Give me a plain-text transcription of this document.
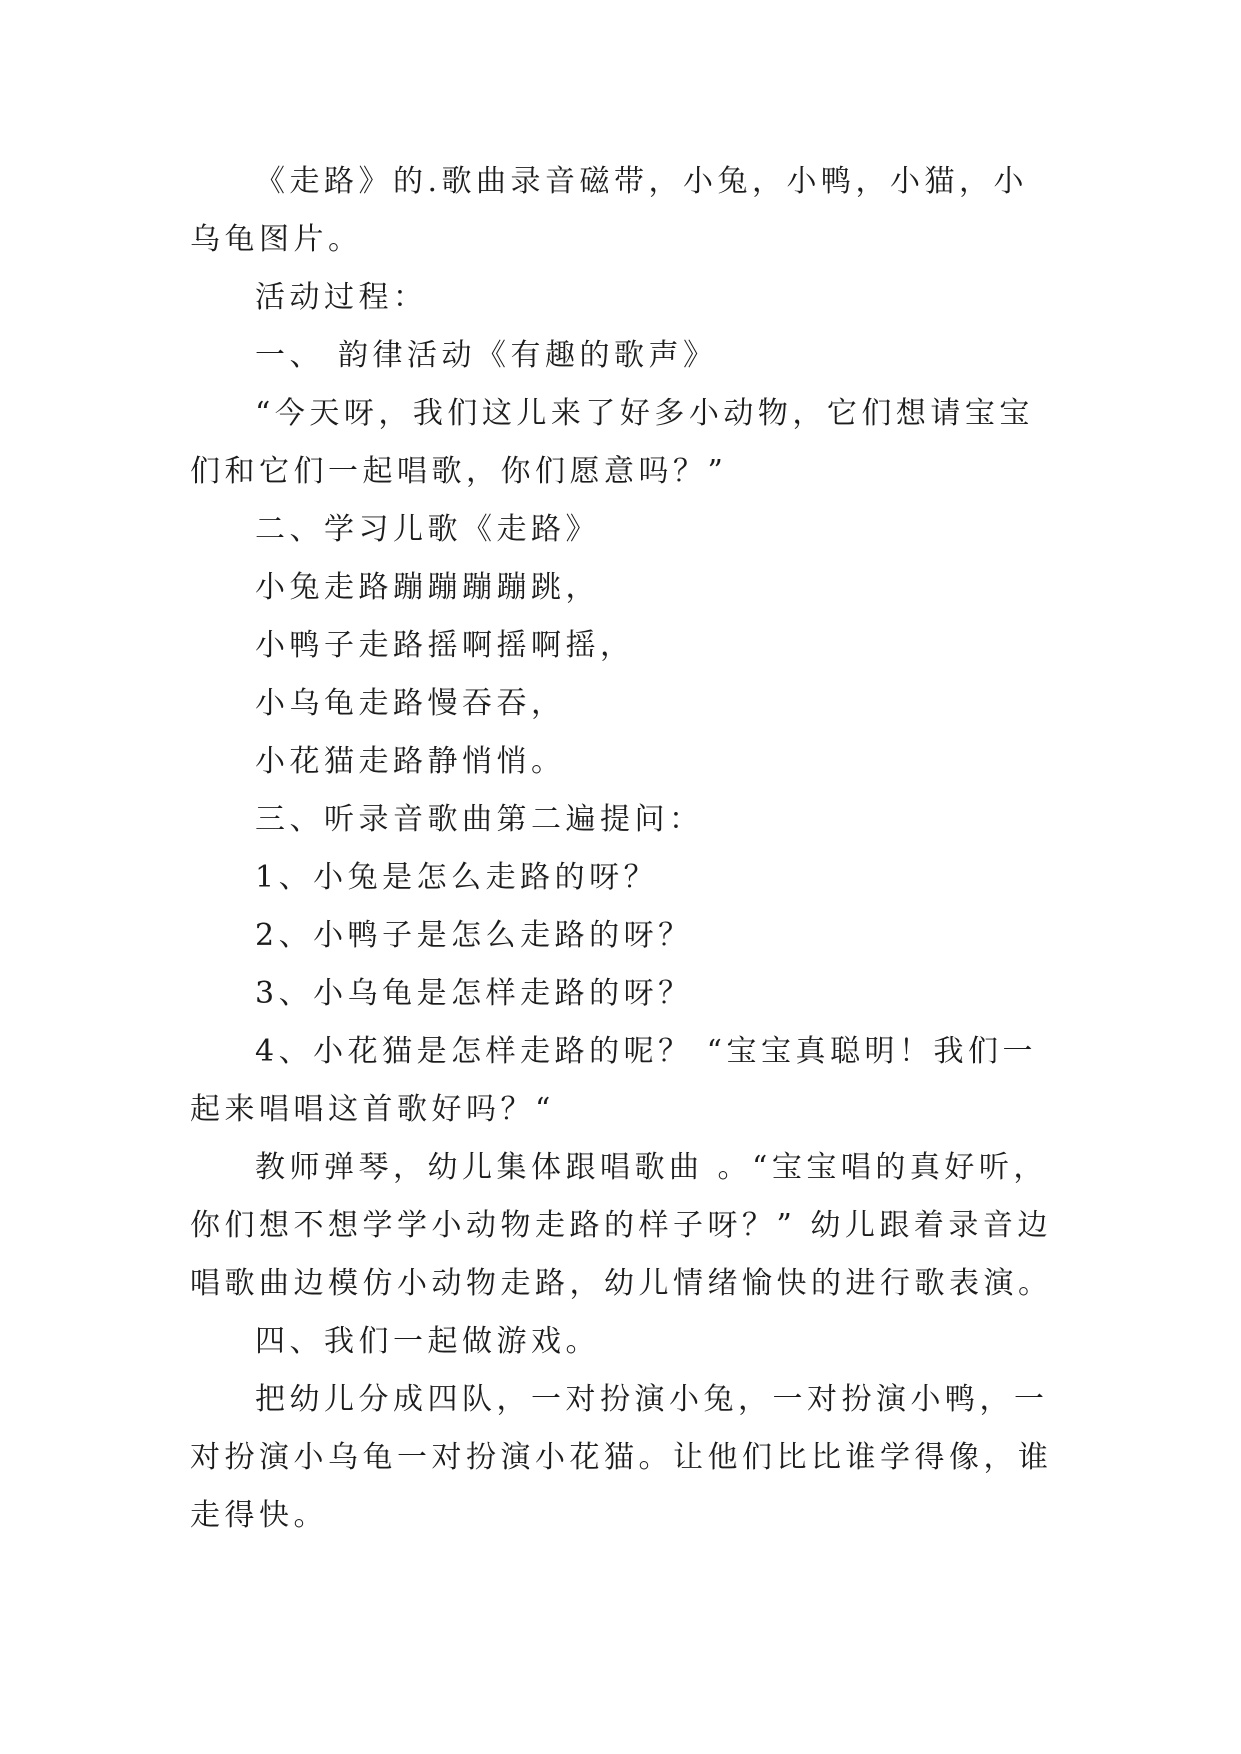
《走路》的.歌曲录音磁带，小兔，小鸭，小猫，小乌龟图片。

活动过程：

一、 韵律活动《有趣的歌声》

“今天呀，我们这儿来了好多小动物，它们想请宝宝们和它们一起唱歌，你们愿意吗？”

二、学习儿歌《走路》

小兔走路蹦蹦蹦蹦跳，

小鸭子走路摇啊摇啊摇，

小乌龟走路慢吞吞，

小花猫走路静悄悄。

三、听录音歌曲第二遍提问：

1、小兔是怎么走路的呀？

2、小鸭子是怎么走路的呀？

3、小乌龟是怎样走路的呀？

4、小花猫是怎样走路的呢？ “宝宝真聪明！我们一起来唱唱这首歌好吗？“

教师弹琴，幼儿集体跟唱歌曲 。“宝宝唱的真好听，你们想不想学学小动物走路的样子呀？” 幼儿跟着录音边唱歌曲边模仿小动物走路，幼儿情绪愉快的进行歌表演。

四、我们一起做游戏。

把幼儿分成四队，一对扮演小兔，一对扮演小鸭，一对扮演小乌龟一对扮演小花猫。让他们比比谁学得像，谁走得快。
